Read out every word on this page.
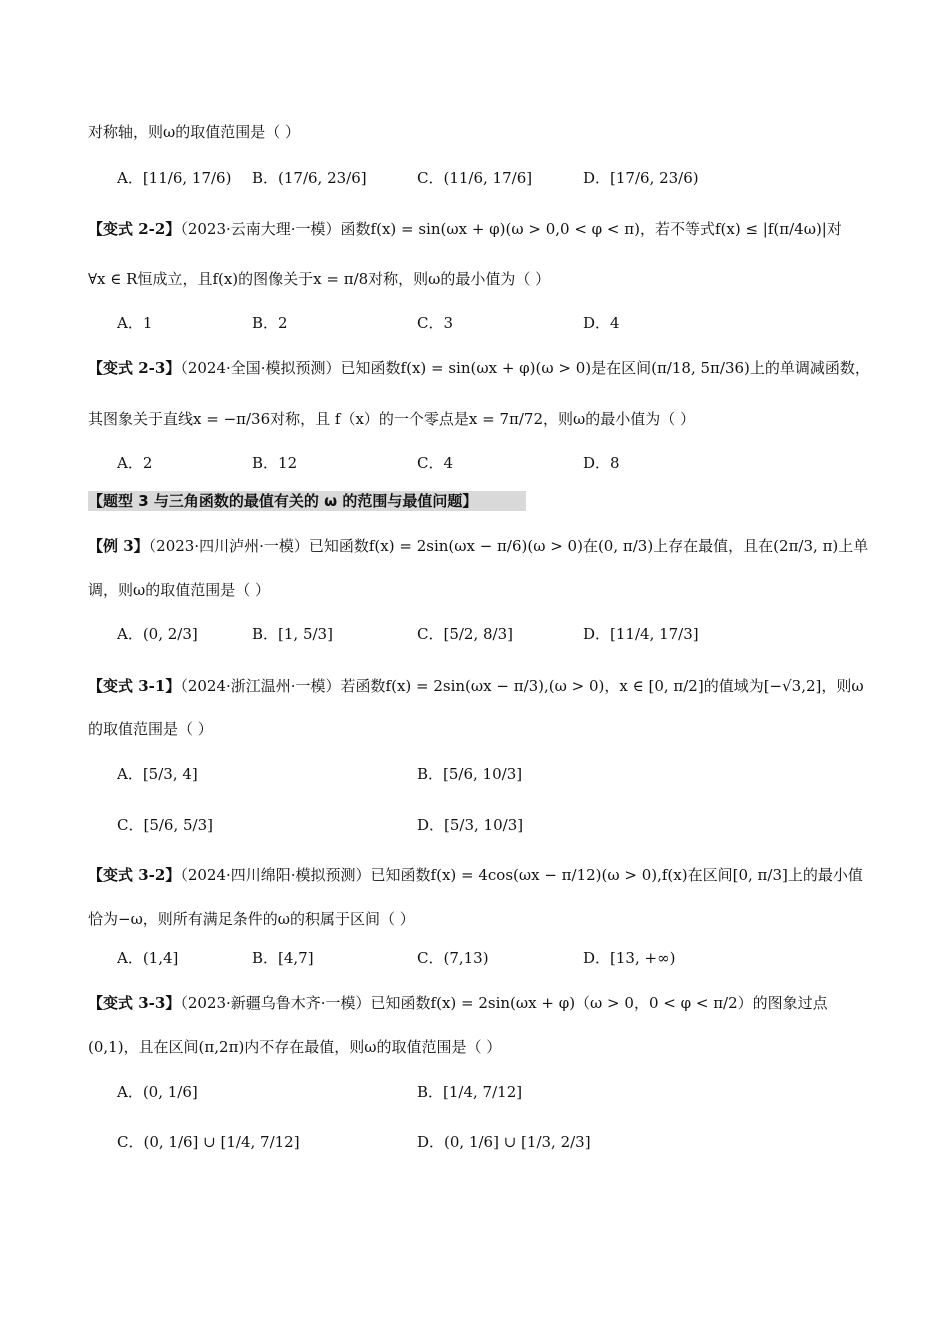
对称轴，则ω的取值范围是（ ）
A．[11/6, 17/6) B．(17/6, 23/6]	C．(11/6, 17/6]	D．[17/6, 23/6)
【变式 2-2】（2023·云南大理·一模）函数f(x) = sin(ωx + φ)(ω > 0,0 < φ < π)，若不等式f(x) ≤ |f(π/4ω)|对
∀x ∈ R恒成立，且f(x)的图像关于x = π/8对称，则ω的最小值为（ ）
A．1	B．2	C．3	D．4
【变式 2-3】（2024·全国·模拟预测）已知函数f(x) = sin(ωx + φ)(ω > 0)是在区间(π/18, 5π/36)上的单调减函数，
其图象关于直线x = −π/36对称，且 f（x）的一个零点是x = 7π/72，则ω的最小值为（ ）
A．2	B．12	C．4	D．8
【题型 3 与三角函数的最值有关的 ω 的范围与最值问题】
【例 3】（2023·四川泸州·一模）已知函数f(x) = 2sin(ωx − π/6)(ω > 0)在(0, π/3)上存在最值，且在(2π/3, π)上单
调，则ω的取值范围是（ ）
A．(0, 2/3]	B．[1, 5/3]	C．[5/2, 8/3]	D．[11/4, 17/3]
【变式 3-1】（2024·浙江温州·一模）若函数f(x) = 2sin(ωx − π/3),(ω > 0)，x ∈ [0, π/2]的值域为[−√3,2]，则ω
的取值范围是（ ）
A．[5/3, 4]	B．[5/6, 10/3]
C．[5/6, 5/3]	D．[5/3, 10/3]
【变式 3-2】（2024·四川绵阳·模拟预测）已知函数f(x) = 4cos(ωx − π/12)(ω > 0),f(x)在区间[0, π/3]上的最小值
恰为−ω，则所有满足条件的ω的积属于区间（ ）
A．(1,4]	B．[4,7]	C．(7,13)	D．[13, +∞)
【变式 3-3】（2023·新疆乌鲁木齐·一模）已知函数f(x) = 2sin(ωx + φ)（ω > 0，0 < φ < π/2）的图象过点
(0,1)，且在区间(π,2π)内不存在最值，则ω的取值范围是（ ）
A．(0, 1/6]	B．[1/4, 7/12]
C．(0, 1/6] ∪ [1/4, 7/12]	D．(0, 1/6] ∪ [1/3, 2/3]
